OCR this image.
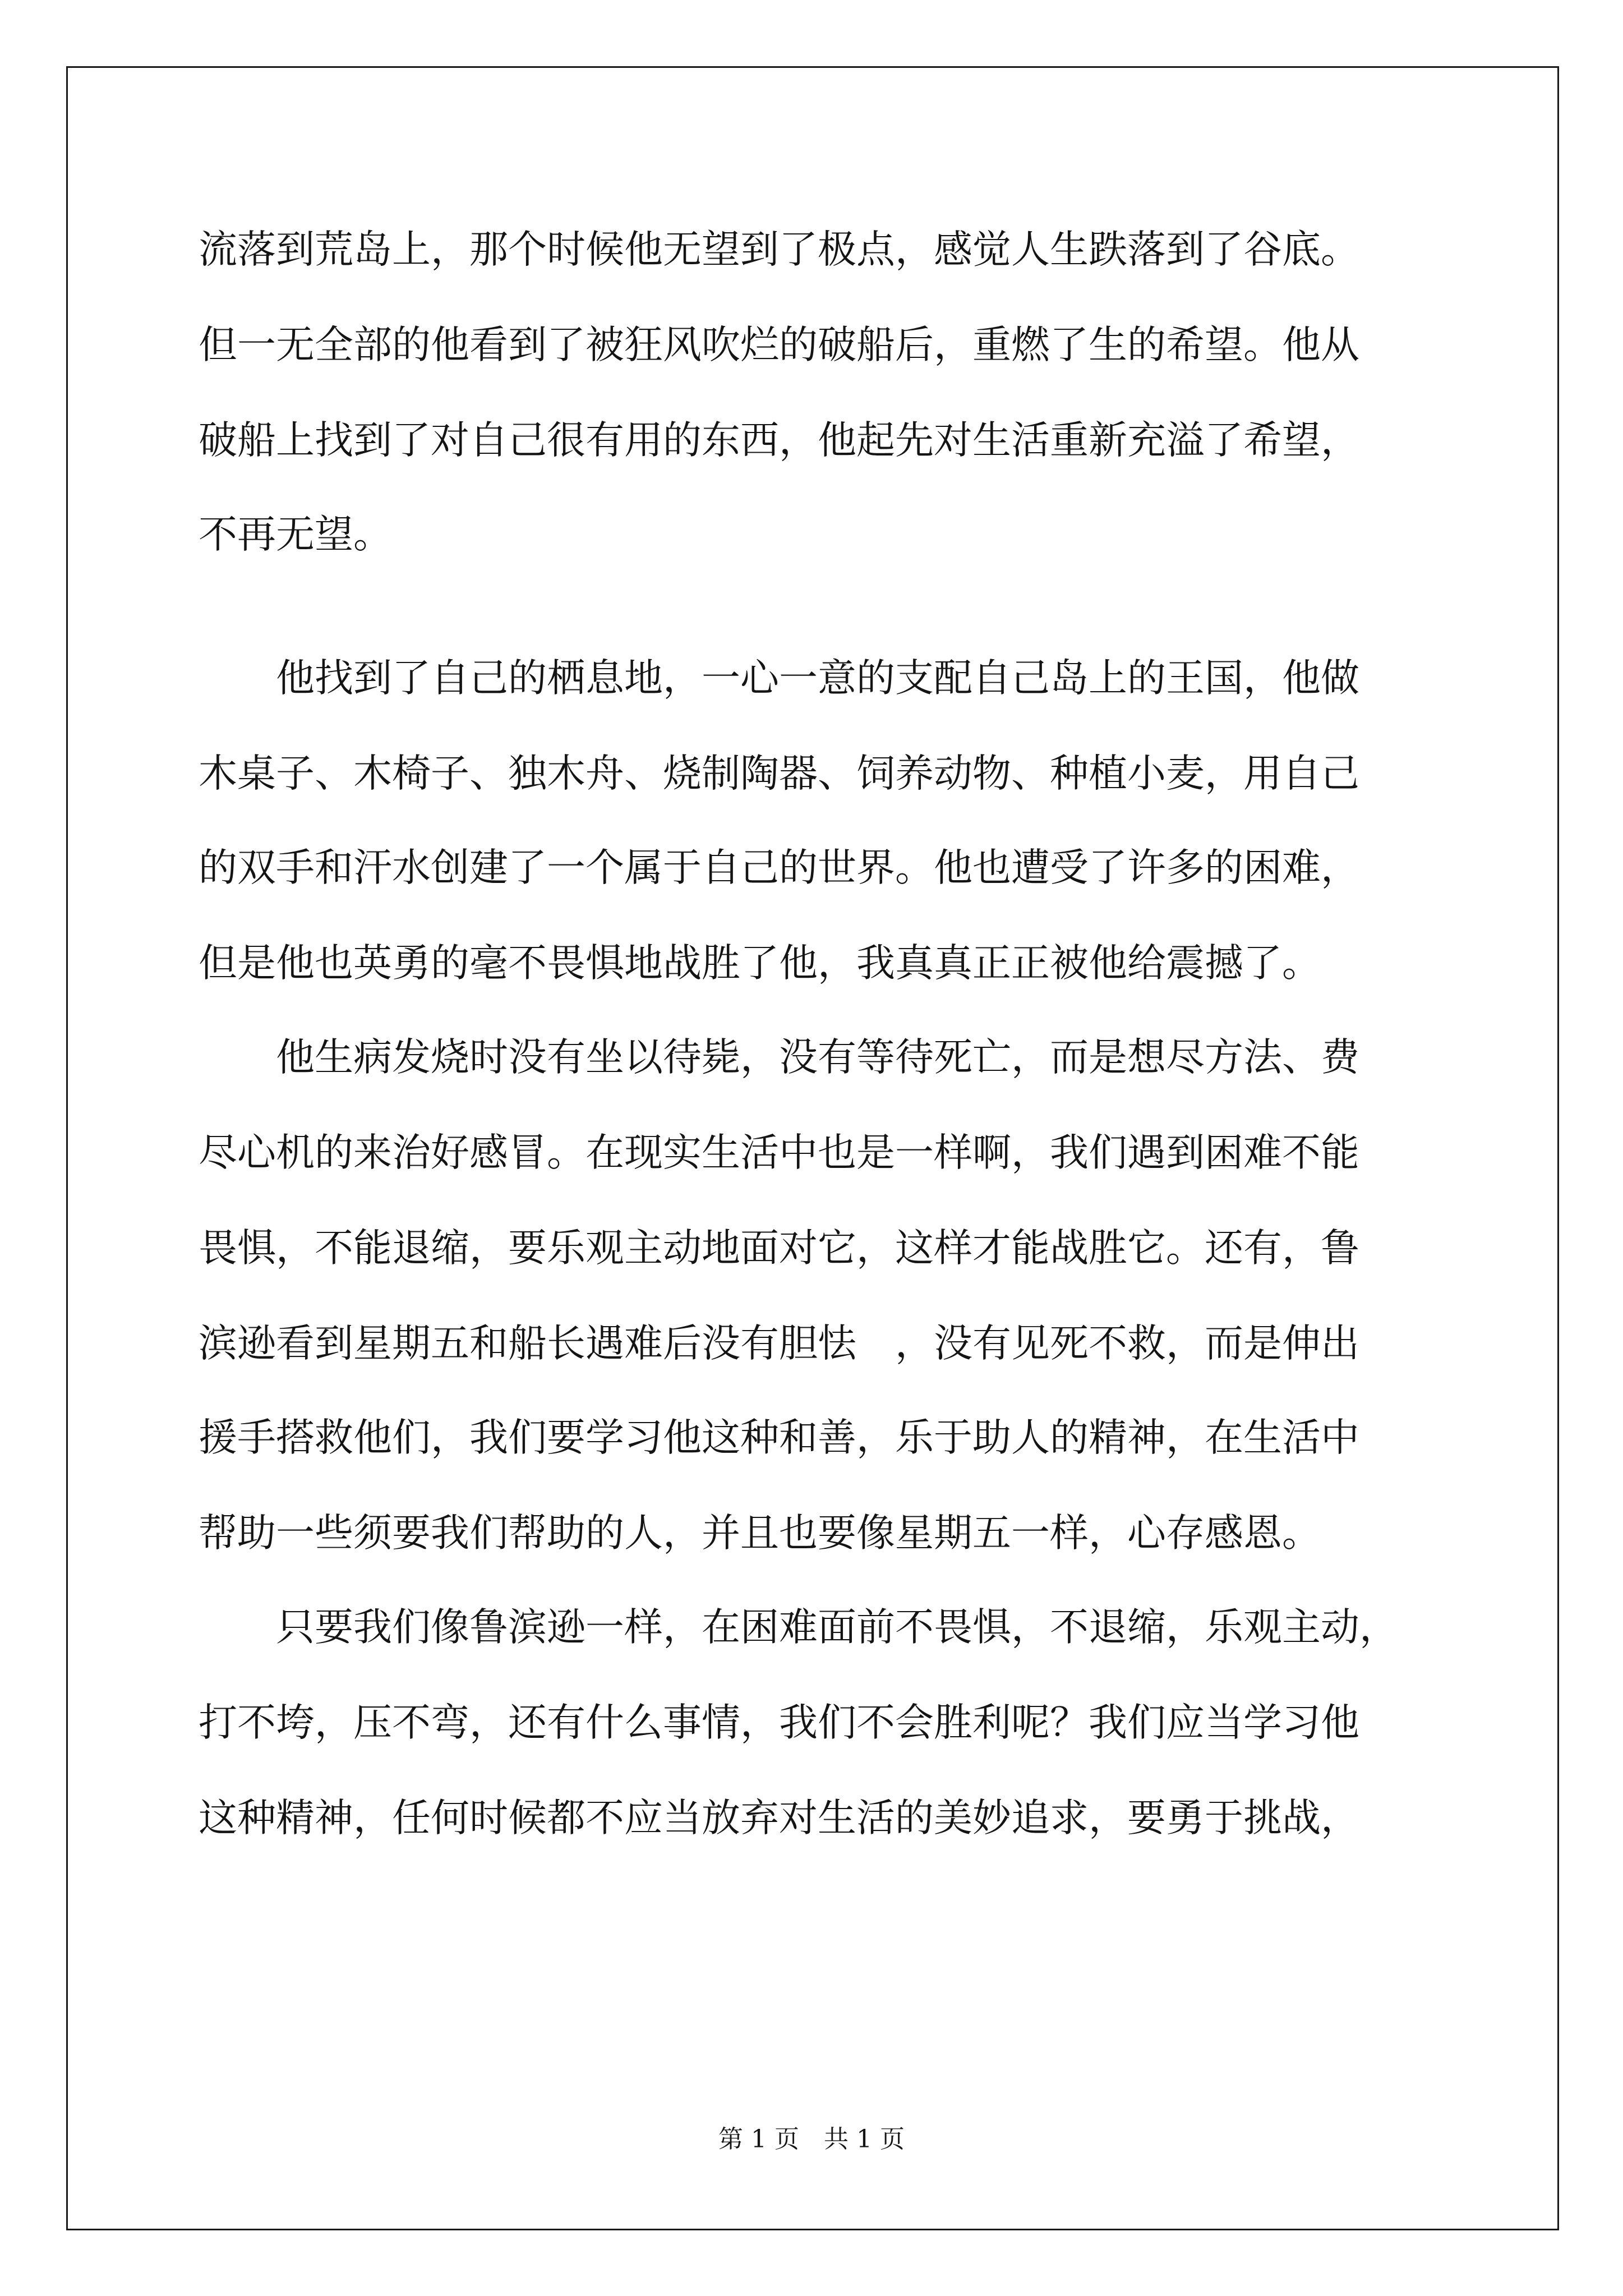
流落到荒岛上，那个时候他无望到了极点，感觉人生跌落到了谷底。
但一无全部的他看到了被狂风吹烂的破船后，重燃了生的希望。他从
破船上找到了对自己很有用的东西，他起先对生活重新充溢了希望，
不再无望。
　　他找到了自己的栖息地，一心一意的支配自己岛上的王国，他做
木桌子、木椅子、独木舟、烧制陶器、饲养动物、种植小麦，用自己
的双手和汗水创建了一个属于自己的世界。他也遭受了许多的困难，
但是他也英勇的毫不畏惧地战胜了他，我真真正正被他给震撼了。
　　他生病发烧时没有坐以待毙，没有等待死亡，而是想尽方法、费
尽心机的来治好感冒。在现实生活中也是一样啊，我们遇到困难不能
畏惧，不能退缩，要乐观主动地面对它，这样才能战胜它。还有，鲁
滨逊看到星期五和船长遇难后没有胆怯　，没有见死不救，而是伸出
援手搭救他们，我们要学习他这种和善，乐于助人的精神，在生活中
帮助一些须要我们帮助的人，并且也要像星期五一样，心存感恩。
　　只要我们像鲁滨逊一样，在困难面前不畏惧，不退缩，乐观主动，
打不垮，压不弯，还有什么事情，我们不会胜利呢？我们应当学习他
这种精神，任何时候都不应当放弃对生活的美妙追求，要勇于挑战，
第 1 页　共 1 页
